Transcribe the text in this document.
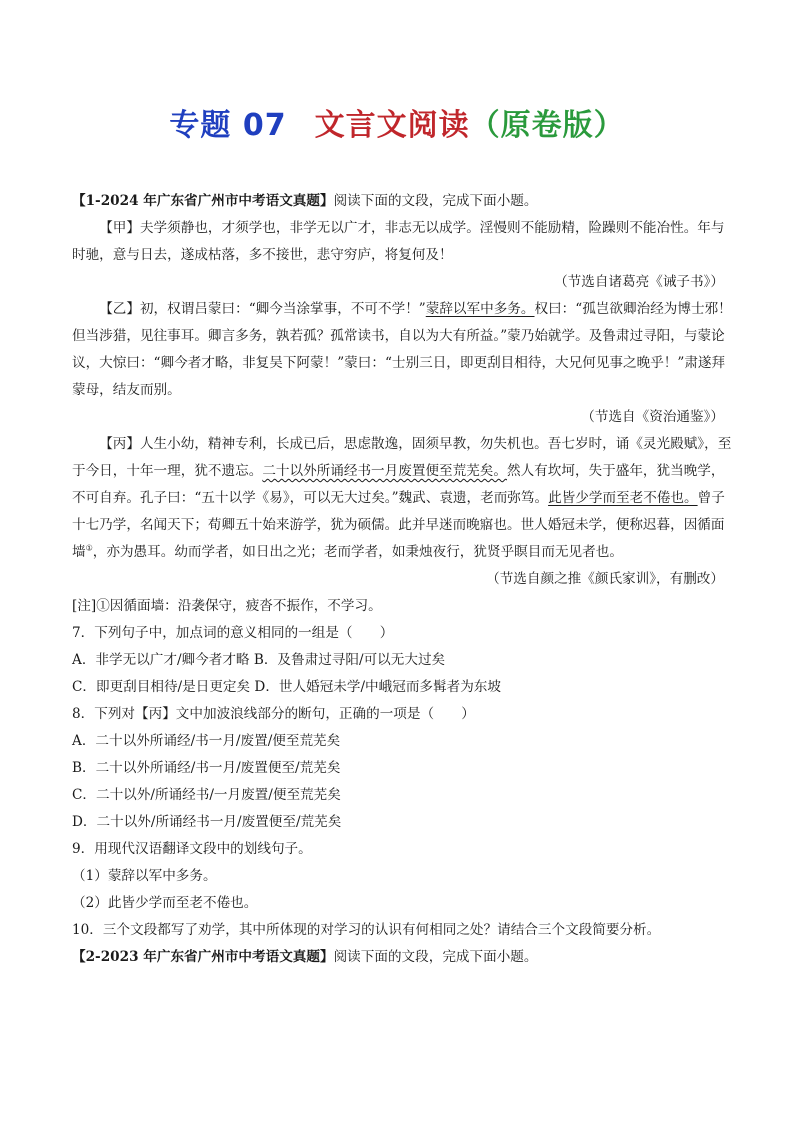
专题 07 文言文阅读（原卷版）

【1-2024 年广东省广州市中考语文真题】阅读下面的文段，完成下面小题。

【甲】夫学须静也，才须学也，非学无以广才，非志无以成学。淫慢则不能励精，险躁则不能冶性。年与时驰，意与日去，遂成枯落，多不接世，悲守穷庐，将复何及！

（节选自诸葛亮《诫子书》）

【乙】初，权谓吕蒙曰：“卿今当涂掌事，不可不学！”蒙辞以军中多务。权曰：“孤岂欲卿治经为博士邪！但当涉猎，见往事耳。卿言多务，孰若孤？孤常读书，自以为大有所益。”蒙乃始就学。及鲁肃过寻阳，与蒙论议，大惊曰：“卿今者才略，非复吴下阿蒙！”蒙曰：“士别三日，即更刮目相待，大兄何见事之晚乎！”肃遂拜蒙母，结友而别。

（节选自《资治通鉴》）

【丙】人生小幼，精神专利，长成已后，思虑散逸，固须早教，勿失机也。吾七岁时，诵《灵光殿赋》，至于今日，十年一理，犹不遗忘。二十以外所诵经书一月废置便至荒芜矣。然人有坎坷，失于盛年，犹当晚学，不可自弃。孔子曰：“五十以学《易》，可以无大过矣。”魏武、袁遗，老而弥笃。此皆少学而至老不倦也。曾子十七乃学，名闻天下；荀卿五十始来游学，犹为硕儒。此并早迷而晚寤也。世人婚冠未学，便称迟暮，因循面墙①，亦为愚耳。幼而学者，如日出之光；老而学者，如秉烛夜行，犹贤乎瞑目而无见者也。

（节选自颜之推《颜氏家训》，有删改）

[注]①因循面墙：沿袭保守，疲沓不振作，不学习。

7．下列句子中，加点词的意义相同的一组是（　　）

A．非学无以广才/卿今者才略 B．及鲁肃过寻阳/可以无大过矣

C．即更刮目相待/是日更定矣 D．世人婚冠未学/中峨冠而多髯者为东坡

8．下列对【丙】文中加波浪线部分的断句，正确的一项是（　　）

A．二十以外所诵经/书一月/废置/便至荒芜矣

B．二十以外所诵经/书一月/废置便至/荒芜矣

C．二十以外/所诵经书/一月废置/便至荒芜矣

D．二十以外/所诵经书一月/废置便至/荒芜矣

9．用现代汉语翻译文段中的划线句子。

（1）蒙辞以军中多务。

（2）此皆少学而至老不倦也。

10．三个文段都写了劝学，其中所体现的对学习的认识有何相同之处？请结合三个文段简要分析。

【2-2023 年广东省广州市中考语文真题】阅读下面的文段，完成下面小题。
